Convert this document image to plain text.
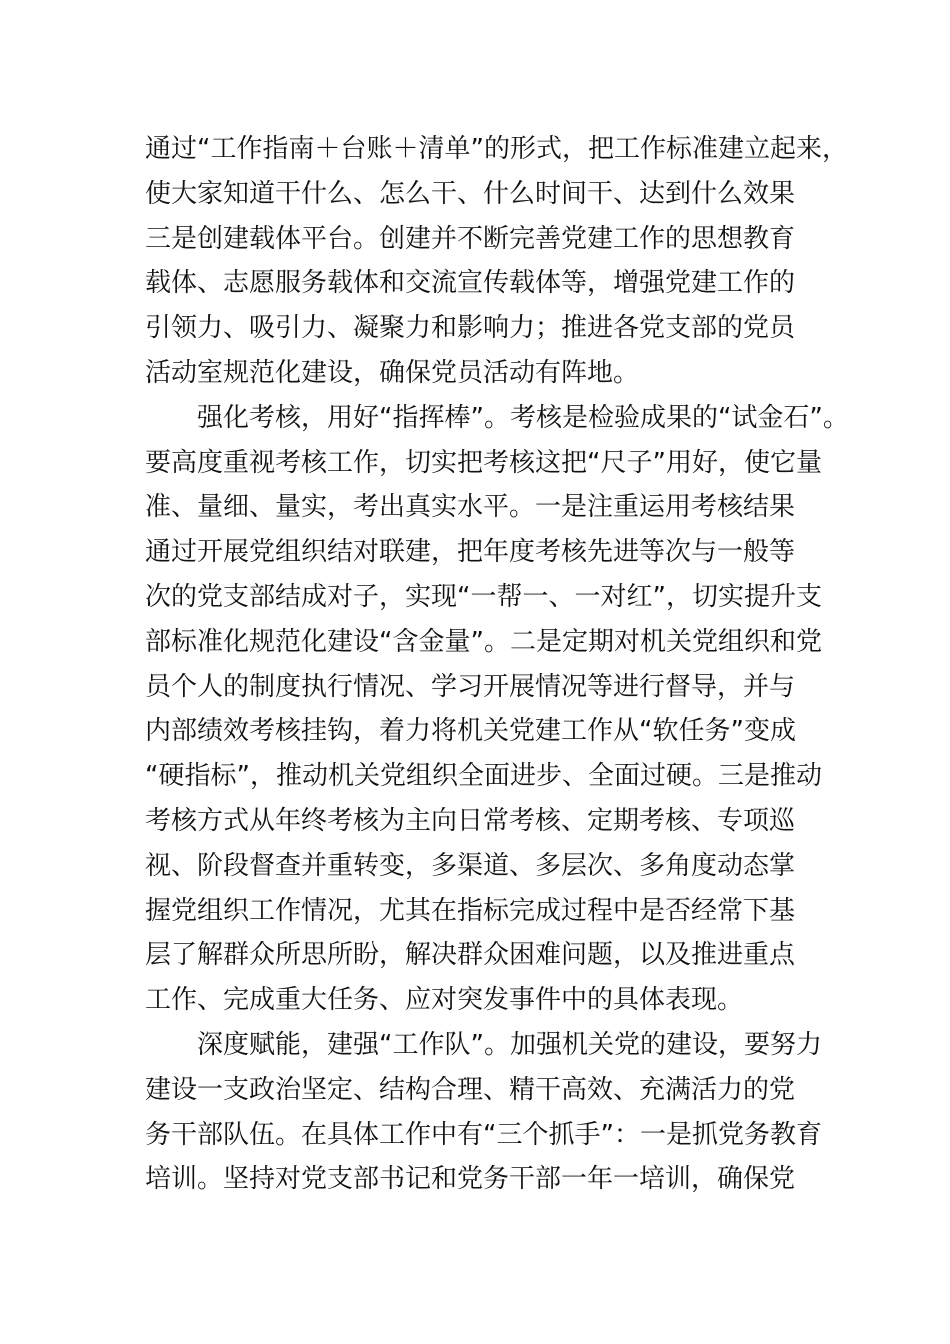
通过“工作指南＋台账＋清单”的形式，把工作标准建立起来，
使大家知道干什么、怎么干、什么时间干、达到什么效果
三是创建载体平台。创建并不断完善党建工作的思想教育
载体、志愿服务载体和交流宣传载体等，增强党建工作的
引领力、吸引力、凝聚力和影响力；推进各党支部的党员
活动室规范化建设，确保党员活动有阵地。
强化考核，用好“指挥棒”。考核是检验成果的“试金石”。
要高度重视考核工作，切实把考核这把“尺子”用好，使它量
准、量细、量实，考出真实水平。一是注重运用考核结果
通过开展党组织结对联建，把年度考核先进等次与一般等
次的党支部结成对子，实现“一帮一、一对红”，切实提升支
部标准化规范化建设“含金量”。二是定期对机关党组织和党
员个人的制度执行情况、学习开展情况等进行督导，并与
内部绩效考核挂钩，着力将机关党建工作从“软任务”变成
“硬指标”，推动机关党组织全面进步、全面过硬。三是推动
考核方式从年终考核为主向日常考核、定期考核、专项巡
视、阶段督查并重转变，多渠道、多层次、多角度动态掌
握党组织工作情况，尤其在指标完成过程中是否经常下基
层了解群众所思所盼，解决群众困难问题，以及推进重点
工作、完成重大任务、应对突发事件中的具体表现。
深度赋能，建强“工作队”。加强机关党的建设，要努力
建设一支政治坚定、结构合理、精干高效、充满活力的党
务干部队伍。在具体工作中有“三个抓手”：一是抓党务教育
培训。坚持对党支部书记和党务干部一年一培训，确保党
